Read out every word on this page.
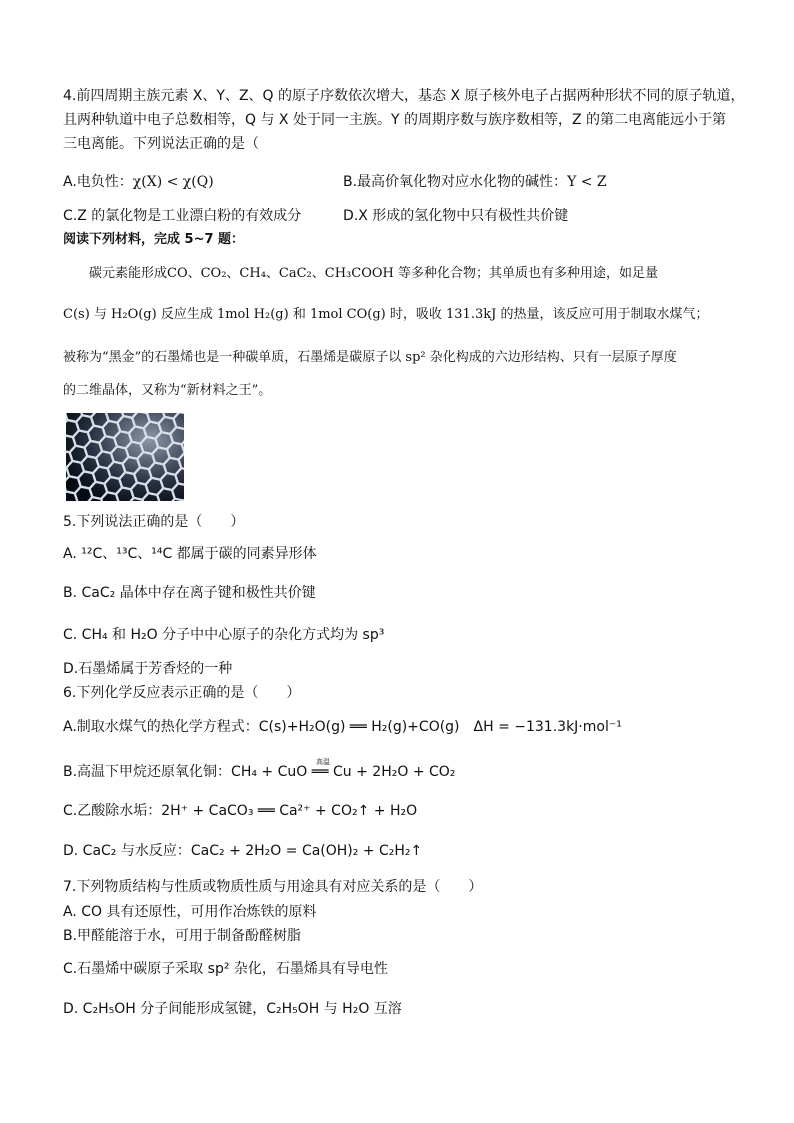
4.前四周期主族元素 X、Y、Z、Q 的原子序数依次增大，基态 X 原子核外电子占据两种形状不同的原子轨道，
且两种轨道中电子总数相等，Q 与 X 处于同一主族。Y 的周期序数与族序数相等，Z 的第二电离能远小于第
三电离能。下列说法正确的是（
A.电负性：χ(X) < χ(Q)	B.最高价氧化物对应水化物的碱性：Y < Z
C.Z 的氯化物是工业漂白粉的有效成分	D.X 形成的氢化物中只有极性共价键
阅读下列材料，完成 5~7 题：
碳元素能形成CO、CO₂、CH₄、CaC₂、CH₃COOH 等多种化合物；其单质也有多种用途，如足量
C(s) 与 H₂O(g) 反应生成 1mol H₂(g) 和 1mol CO(g) 时，吸收 131.3kJ 的热量，该反应可用于制取水煤气；
被称为“黑金”的石墨烯也是一种碳单质，石墨烯是碳原子以 sp² 杂化构成的六边形结构、只有一层原子厚度
的二维晶体，又称为“新材料之王”。
5.下列说法正确的是（　　）
A. ¹²C、¹³C、¹⁴C 都属于碳的同素异形体
B. CaC₂ 晶体中存在离子键和极性共价键
C. CH₄ 和 H₂O 分子中中心原子的杂化方式均为 sp³
D.石墨烯属于芳香烃的一种
6.下列化学反应表示正确的是（　　）
A.制取水煤气的热化学方程式：C(s)+H₂O(g) ══ H₂(g)+CO(g)　ΔH = −131.3kJ·mol⁻¹
B.高温下甲烷还原氧化铜：CH₄ + CuO ══ Cu + 2H₂O + CO₂
高温
C.乙酸除水垢：2H⁺ + CaCO₃ ══ Ca²⁺ + CO₂↑ + H₂O
D. CaC₂ 与水反应：CaC₂ + 2H₂O = Ca(OH)₂ + C₂H₂↑
7.下列物质结构与性质或物质性质与用途具有对应关系的是（　　）
A. CO 具有还原性，可用作冶炼铁的原料
B.甲醛能溶于水，可用于制备酚醛树脂
C.石墨烯中碳原子采取 sp² 杂化，石墨烯具有导电性
D. C₂H₅OH 分子间能形成氢键，C₂H₅OH 与 H₂O 互溶
